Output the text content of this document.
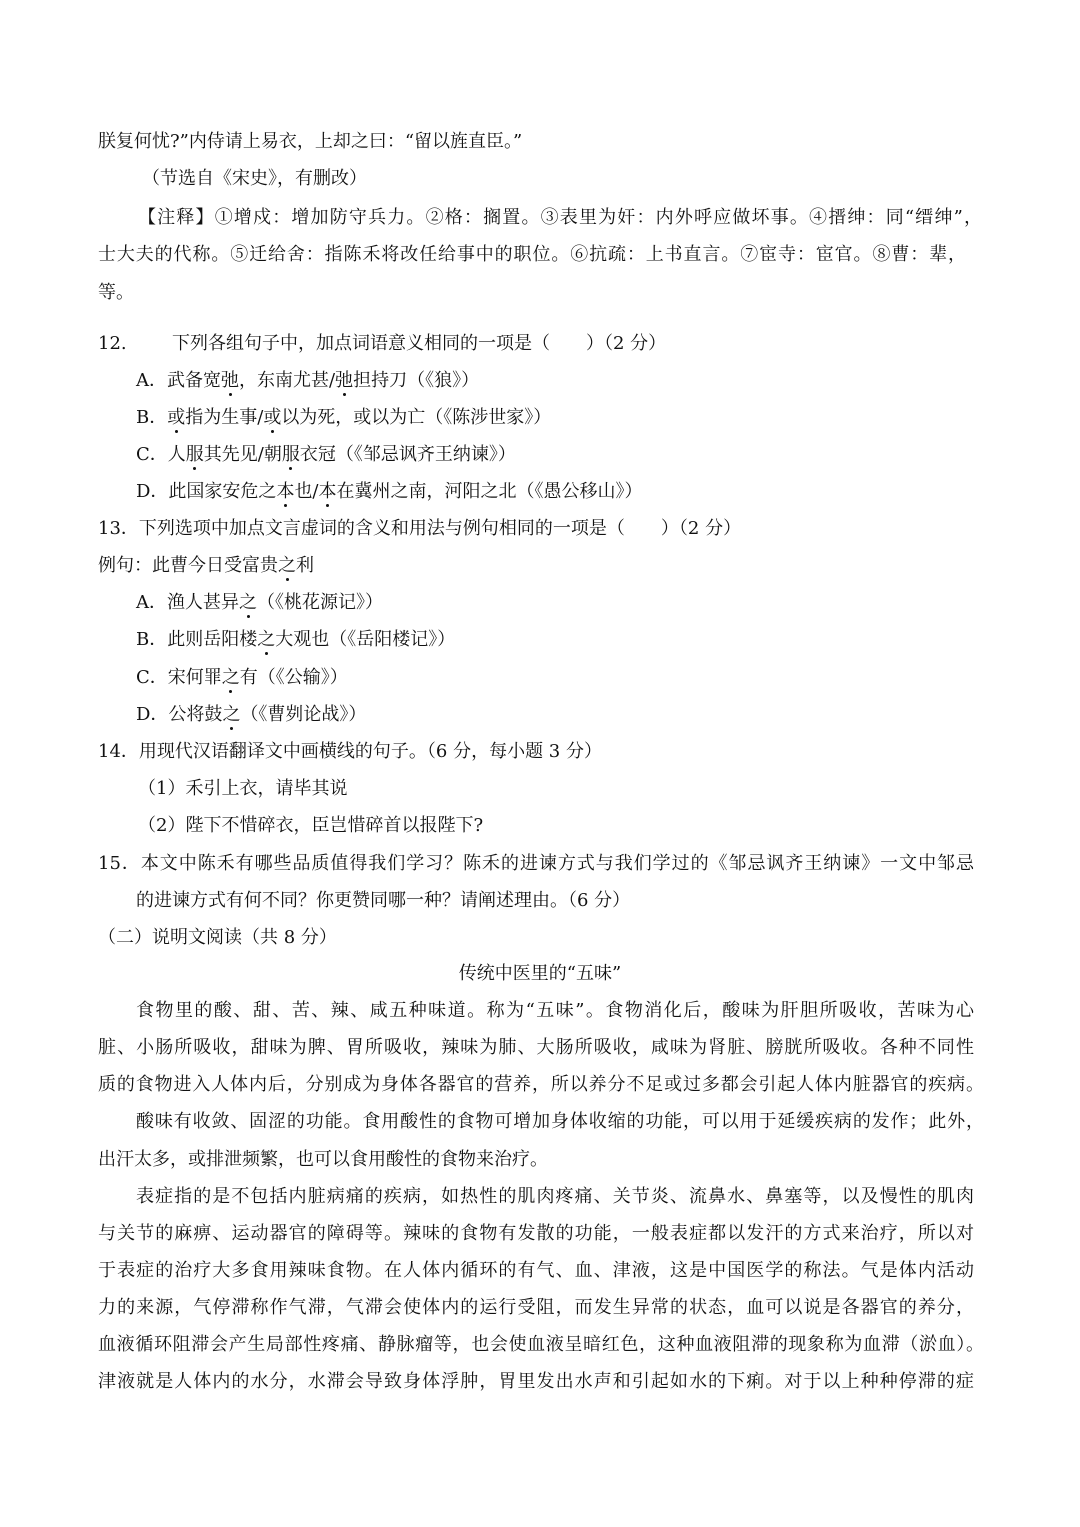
朕复何忧?”内侍请上易衣，上却之曰：“留以旌直臣。”

（节选自《宋史》，有删改）

【注释】①增戍：增加防守兵力。②格：搁置。③表里为奸：内外呼应做坏事。④搢绅：同“缙绅”，

士大夫的代称。⑤迁给舍：指陈禾将改任给事中的职位。⑥抗疏：上书直言。⑦宦寺：宦官。⑧曹：辈，

等。

12.	下列各组句子中，加点词语意义相同的一项是（　　）（2 分）

A．武备宽弛，东南尤甚/弛担持刀（《狼》）

B．或指为生事/或以为死，或以为亡（《陈涉世家》）

C．人服其先见/朝服衣冠（《邹忌讽齐王纳谏》）

D．此国家安危之本也/本在冀州之南，河阳之北（《愚公移山》）

13．下列选项中加点文言虚词的含义和用法与例句相同的一项是（　　）（2 分）

例句：此曹今日受富贵之利

A．渔人甚异之（《桃花源记》）

B．此则岳阳楼之大观也（《岳阳楼记》）

C．宋何罪之有（《公输》）

D．公将鼓之（《曹刿论战》）

14．用现代汉语翻译文中画横线的句子。（6 分，每小题 3 分）

（1）禾引上衣，请毕其说

（2）陛下不惜碎衣，臣岂惜碎首以报陛下?

15．本文中陈禾有哪些品质值得我们学习？陈禾的进谏方式与我们学过的《邹忌讽齐王纳谏》一文中邹忌

的进谏方式有何不同？你更赞同哪一种？请阐述理由。（6 分）

（二）说明文阅读（共 8 分）

传统中医里的“五味”

食物里的酸、甜、苦、辣、咸五种味道。称为“五味”。食物消化后，酸味为肝胆所吸收，苦味为心

脏、小肠所吸收，甜味为脾、胃所吸收，辣味为肺、大肠所吸收，咸味为肾脏、膀胱所吸收。各种不同性

质的食物进入人体内后，分别成为身体各器官的营养，所以养分不足或过多都会引起人体内脏器官的疾病。

酸味有收敛、固涩的功能。食用酸性的食物可增加身体收缩的功能，可以用于延缓疾病的发作；此外，

出汗太多，或排泄频繁，也可以食用酸性的食物来治疗。

表症指的是不包括内脏病痛的疾病，如热性的肌肉疼痛、关节炎、流鼻水、鼻塞等，以及慢性的肌肉

与关节的麻痹、运动器官的障碍等。辣味的食物有发散的功能，一般表症都以发汗的方式来治疗，所以对

于表症的治疗大多食用辣味食物。在人体内循环的有气、血、津液，这是中国医学的称法。气是体内活动

力的来源，气停滞称作气滞，气滞会使体内的运行受阻，而发生异常的状态，血可以说是各器官的养分，

血液循环阻滞会产生局部性疼痛、静脉瘤等，也会使血液呈暗红色，这种血液阻滞的现象称为血滞（淤血）。

津液就是人体内的水分，水滞会导致身体浮肿，胃里发出水声和引起如水的下痢。对于以上种种停滞的症
